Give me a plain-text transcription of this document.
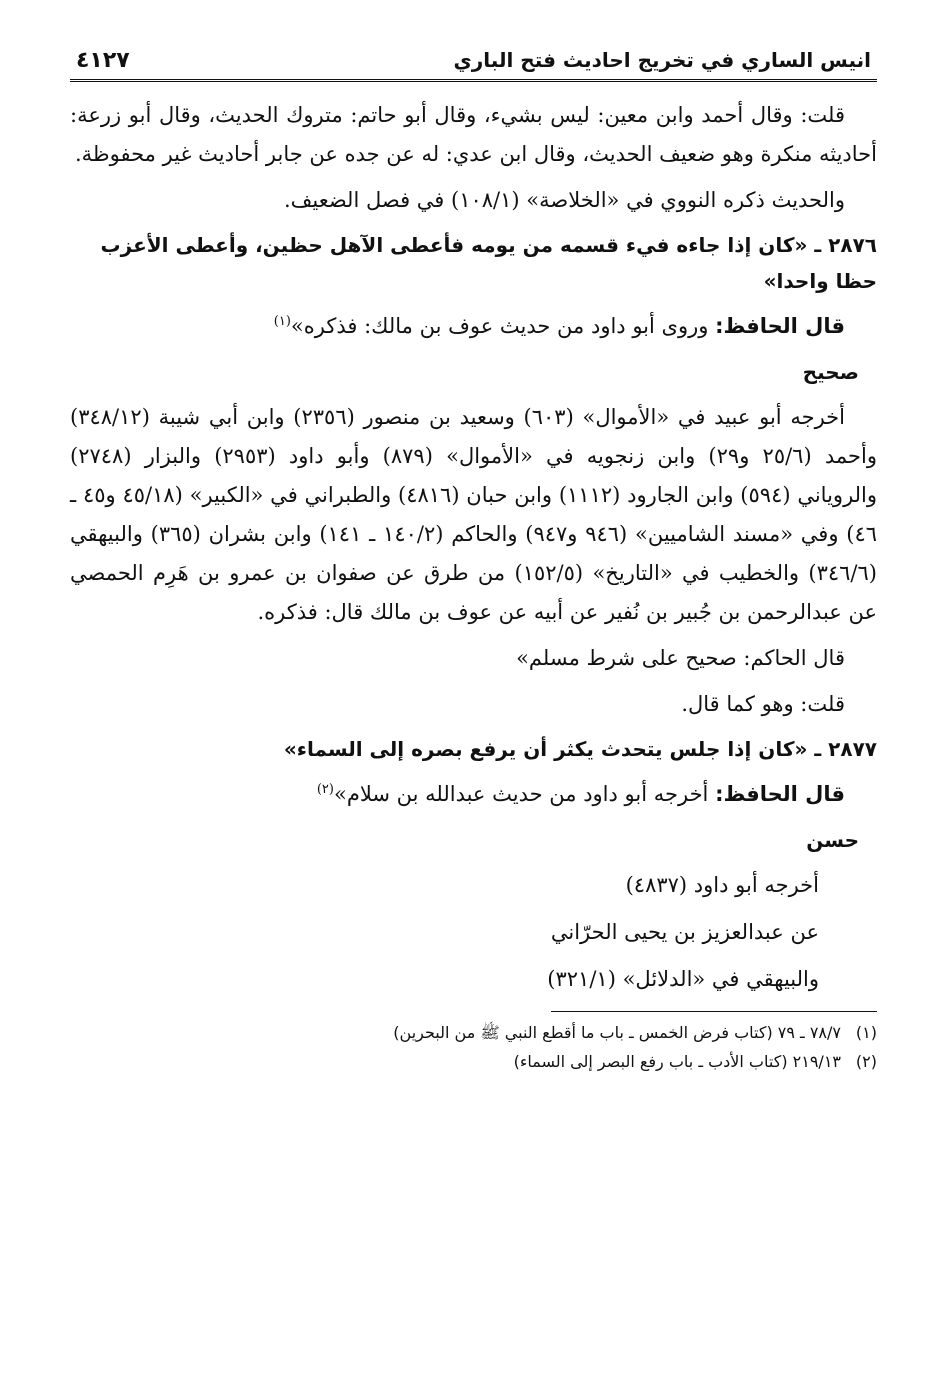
انيس الساري في تخريج احاديث فتح الباري
٤١٢٧

قلت: وقال أحمد وابن معين: ليس بشيء، وقال أبو حاتم: متروك الحديث، وقال أبو زرعة: أحاديثه منكرة وهو ضعيف الحديث، وقال ابن عدي: له عن جده عن جابر أحاديث غير محفوظة.

والحديث ذكره النووي في «الخلاصة» (١٠٨/١) في فصل الضعيف.

٢٨٧٦ ـ «كان إذا جاءه فيء قسمه من يومه فأعطى الآهل حظين، وأعطى الأعزب حظا واحدا»

قال الحافظ: وروى أبو داود من حديث عوف بن مالك: فذكره»$^{(١)}$

صحيح

أخرجه أبو عبيد في «الأموال» (٦٠٣) وسعيد بن منصور (٢٣٥٦) وابن أبي شيبة (٣٤٨/١٢) وأحمد (٢٥/٦ و٢٩) وابن زنجويه في «الأموال» (٨٧٩) وأبو داود (٢٩٥٣) والبزار (٢٧٤٨) والروياني (٥٩٤) وابن الجارود (١١١٢) وابن حبان (٤٨١٦) والطبراني في «الكبير» (٤٥/١٨ و٤٥ ـ ٤٦) وفي «مسند الشاميين» (٩٤٦ و٩٤٧) والحاكم (١٤٠/٢ ـ ١٤١) وابن بشران (٣٦٥) والبيهقي (٣٤٦/٦) والخطيب في «التاريخ» (١٥٢/٥) من طرق عن صفوان بن عمرو بن هَرِم الحمصي عن عبدالرحمن بن جُبير بن نُفير عن أبيه عن عوف بن مالك قال: فذكره.

قال الحاكم: صحيح على شرط مسلم»

قلت: وهو كما قال.

٢٨٧٧ ـ «كان إذا جلس يتحدث يكثر أن يرفع بصره إلى السماء»

قال الحافظ: أخرجه أبو داود من حديث عبدالله بن سلام»$^{(٢)}$

حسن

أخرجه أبو داود (٤٨٣٧)

عن عبدالعزيز بن يحيى الحرّاني

والبيهقي في «الدلائل» (٣٢١/١)

(١)
٧٨/٧ ـ ٧٩ (كتاب فرض الخمس ـ باب ما أقطع النبي ﷺ من البحرين)
(٢)
٢١٩/١٣ (كتاب الأدب ـ باب رفع البصر إلى السماء)
